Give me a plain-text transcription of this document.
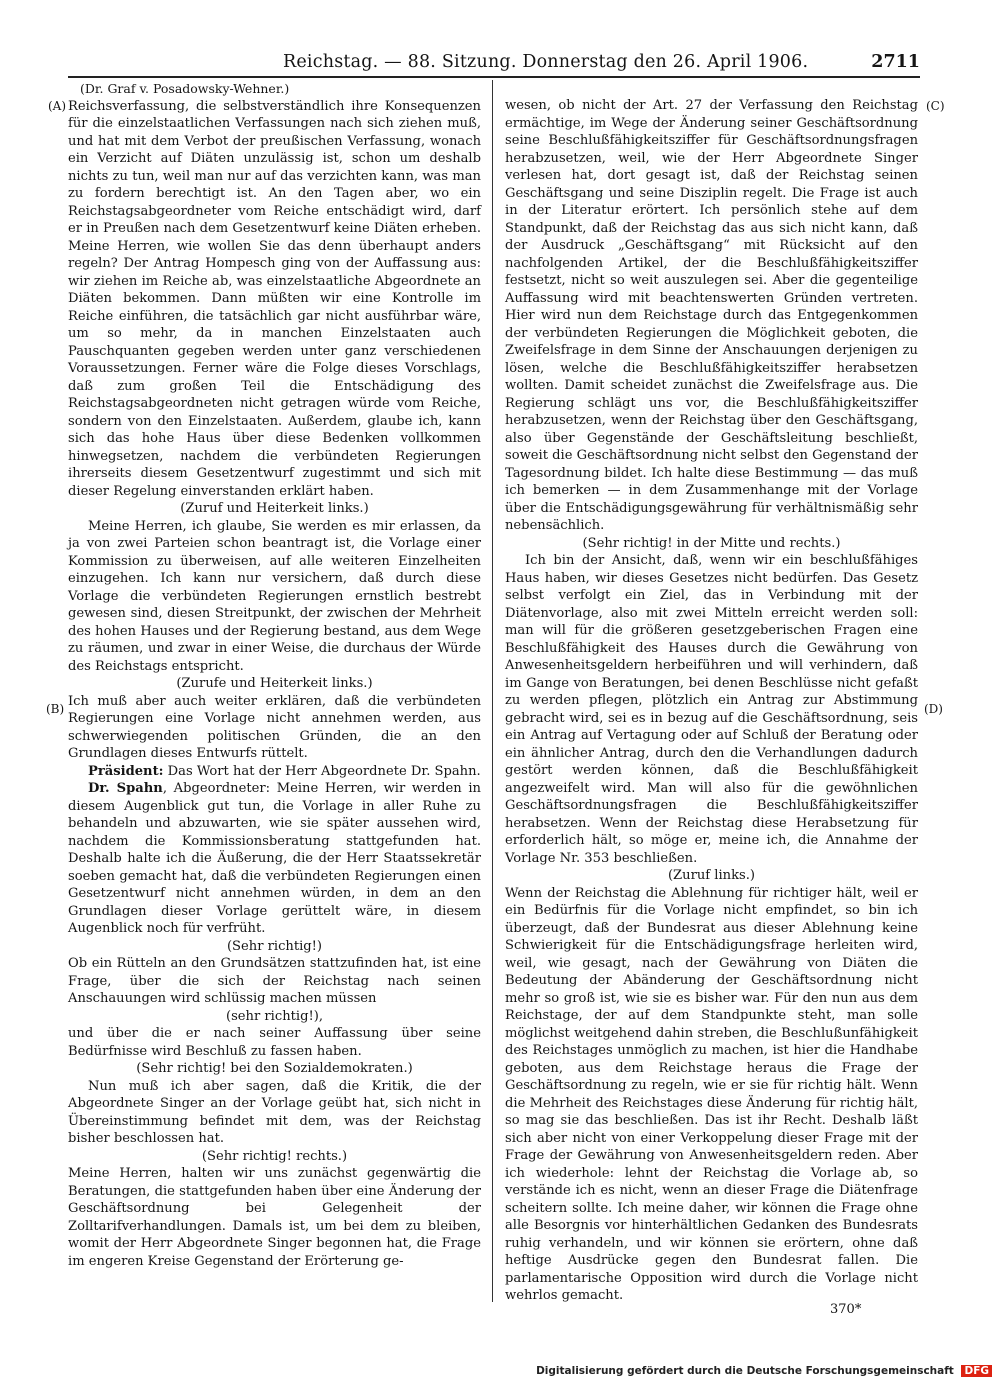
Reichstag. — 88. Sitzung. Donnerstag den 26. April 1906.	2711
(A)
(B)
(C)
(D)

(Dr. Graf v. Posadowsky-Wehner.)

Reichsverfassung, die selbstverständlich ihre Konsequenzen für die einzelstaatlichen Verfassungen nach sich ziehen muß, und hat mit dem Verbot der preußischen Verfassung, wonach ein Verzicht auf Diäten unzulässig ist, schon um deshalb nichts zu tun, weil man nur auf das verzichten kann, was man zu fordern berechtigt ist. An den Tagen aber, wo ein Reichstagsabgeordneter vom Reiche entschädigt wird, darf er in Preußen nach dem Gesetzentwurf keine Diäten erheben. Meine Herren, wie wollen Sie das denn überhaupt anders regeln? Der Antrag Hompesch ging von der Auffassung aus: wir ziehen im Reiche ab, was einzelstaatliche Abgeordnete an Diäten bekommen. Dann müßten wir eine Kontrolle im Reiche einführen, die tatsächlich gar nicht ausführbar wäre, um so mehr, da in manchen Einzelstaaten auch Pauschquanten gegeben werden unter ganz verschiedenen Voraussetzungen. Ferner wäre die Folge dieses Vorschlags, daß zum großen Teil die Entschädigung des Reichstagsabgeordneten nicht getragen würde vom Reiche, sondern von den Einzelstaaten. Außerdem, glaube ich, kann sich das hohe Haus über diese Bedenken vollkommen hinwegsetzen, nachdem die verbündeten Regierungen ihrerseits diesem Gesetzentwurf zugestimmt und sich mit dieser Regelung einverstanden erklärt haben.

(Zuruf und Heiterkeit links.)

Meine Herren, ich glaube, Sie werden es mir erlassen, da ja von zwei Parteien schon beantragt ist, die Vorlage einer Kommission zu überweisen, auf alle weiteren Einzelheiten einzugehen. Ich kann nur versichern, daß durch diese Vorlage die verbündeten Regierungen ernstlich bestrebt gewesen sind, diesen Streitpunkt, der zwischen der Mehrheit des hohen Hauses und der Regierung bestand, aus dem Wege zu räumen, und zwar in einer Weise, die durchaus der Würde des Reichstags entspricht.

(Zurufe und Heiterkeit links.)

Ich muß aber auch weiter erklären, daß die verbündeten Regierungen eine Vorlage nicht annehmen werden, aus schwerwiegenden politischen Gründen, die an den Grundlagen dieses Entwurfs rüttelt.

Präsident: Das Wort hat der Herr Abgeordnete Dr. Spahn.

Dr. Spahn, Abgeordneter: Meine Herren, wir werden in diesem Augenblick gut tun, die Vorlage in aller Ruhe zu behandeln und abzuwarten, wie sie später aussehen wird, nachdem die Kommissionsberatung stattgefunden hat. Deshalb halte ich die Äußerung, die der Herr Staatssekretär soeben gemacht hat, daß die verbündeten Regierungen einen Gesetzentwurf nicht annehmen würden, in dem an den Grundlagen dieser Vorlage gerüttelt wäre, in diesem Augenblick noch für verfrüht.

(Sehr richtig!)

Ob ein Rütteln an den Grundsätzen stattzufinden hat, ist eine Frage, über die sich der Reichstag nach seinen Anschauungen wird schlüssig machen müssen

(sehr richtig!),

und über die er nach seiner Auffassung über seine Bedürfnisse wird Beschluß zu fassen haben.

(Sehr richtig! bei den Sozialdemokraten.)

Nun muß ich aber sagen, daß die Kritik, die der Abgeordnete Singer an der Vorlage geübt hat, sich nicht in Übereinstimmung befindet mit dem, was der Reichstag bisher beschlossen hat.

(Sehr richtig! rechts.)

Meine Herren, halten wir uns zunächst gegenwärtig die Beratungen, die stattgefunden haben über eine Änderung der Geschäftsordnung bei Gelegenheit der Zolltarifverhandlungen. Damals ist, um bei dem zu bleiben, womit der Herr Abgeordnete Singer begonnen hat, die Frage im engeren Kreise Gegenstand der Erörterung ge-

wesen, ob nicht der Art. 27 der Verfassung den Reichstag ermächtige, im Wege der Änderung seiner Geschäftsordnung seine Beschlußfähigkeitsziffer für Geschäftsordnungsfragen herabzusetzen, weil, wie der Herr Abgeordnete Singer verlesen hat, dort gesagt ist, daß der Reichstag seinen Geschäftsgang und seine Disziplin regelt. Die Frage ist auch in der Literatur erörtert. Ich persönlich stehe auf dem Standpunkt, daß der Reichstag das aus sich nicht kann, daß der Ausdruck „Geschäftsgang“ mit Rücksicht auf den nachfolgenden Artikel, der die Beschlußfähigkeitsziffer festsetzt, nicht so weit auszulegen sei. Aber die gegenteilige Auffassung wird mit beachtenswerten Gründen vertreten. Hier wird nun dem Reichstage durch das Entgegenkommen der verbündeten Regierungen die Möglichkeit geboten, die Zweifelsfrage in dem Sinne der Anschauungen derjenigen zu lösen, welche die Beschlußfähigkeitsziffer herabsetzen wollten. Damit scheidet zunächst die Zweifelsfrage aus. Die Regierung schlägt uns vor, die Beschlußfähigkeitsziffer herabzusetzen, wenn der Reichstag über den Geschäftsgang, also über Gegenstände der Geschäftsleitung beschließt, soweit die Geschäftsordnung nicht selbst den Gegenstand der Tagesordnung bildet. Ich halte diese Bestimmung — das muß ich bemerken — in dem Zusammenhange mit der Vorlage über die Entschädigungsgewährung für verhältnismäßig sehr nebensächlich.

(Sehr richtig! in der Mitte und rechts.)

Ich bin der Ansicht, daß, wenn wir ein beschlußfähiges Haus haben, wir dieses Gesetzes nicht bedürfen. Das Gesetz selbst verfolgt ein Ziel, das in Verbindung mit der Diätenvorlage, also mit zwei Mitteln erreicht werden soll: man will für die größeren gesetzgeberischen Fragen eine Beschlußfähigkeit des Hauses durch die Gewährung von Anwesenheitsgeldern herbeiführen und will verhindern, daß im Gange von Beratungen, bei denen Beschlüsse nicht gefaßt zu werden pflegen, plötzlich ein Antrag zur Abstimmung gebracht wird, sei es in bezug auf die Geschäftsordnung, seis ein Antrag auf Vertagung oder auf Schluß der Beratung oder ein ähnlicher Antrag, durch den die Verhandlungen dadurch gestört werden können, daß die Beschlußfähigkeit angezweifelt wird. Man will also für die gewöhnlichen Geschäftsordnungsfragen die Beschlußfähigkeitsziffer herabsetzen. Wenn der Reichstag diese Herabsetzung für erforderlich hält, so möge er, meine ich, die Annahme der Vorlage Nr. 353 beschließen.

(Zuruf links.)

Wenn der Reichstag die Ablehnung für richtiger hält, weil er ein Bedürfnis für die Vorlage nicht empfindet, so bin ich überzeugt, daß der Bundesrat aus dieser Ablehnung keine Schwierigkeit für die Entschädigungsfrage herleiten wird, weil, wie gesagt, nach der Gewährung von Diäten die Bedeutung der Abänderung der Geschäftsordnung nicht mehr so groß ist, wie sie es bisher war. Für den nun aus dem Reichstage, der auf dem Standpunkte steht, man solle möglichst weitgehend dahin streben, die Beschlußunfähigkeit des Reichstages unmöglich zu machen, ist hier die Handhabe geboten, aus dem Reichstage heraus die Frage der Geschäftsordnung zu regeln, wie er sie für richtig hält. Wenn die Mehrheit des Reichstages diese Änderung für richtig hält, so mag sie das beschließen. Das ist ihr Recht. Deshalb läßt sich aber nicht von einer Verkoppelung dieser Frage mit der Frage der Gewährung von Anwesenheitsgeldern reden. Aber ich wiederhole: lehnt der Reichstag die Vorlage ab, so verstände ich es nicht, wenn an dieser Frage die Diätenfrage scheitern sollte. Ich meine daher, wir können die Frage ohne alle Besorgnis vor hinterhältlichen Gedanken des Bundesrats ruhig verhandeln, und wir können sie erörtern, ohne daß heftige Ausdrücke gegen den Bundesrat fallen. Die parlamentarische Opposition wird durch die Vorlage nicht wehrlos gemacht.

370*
Digitalisierung gefördert durch die Deutsche Forschungsgemeinschaft DFG
